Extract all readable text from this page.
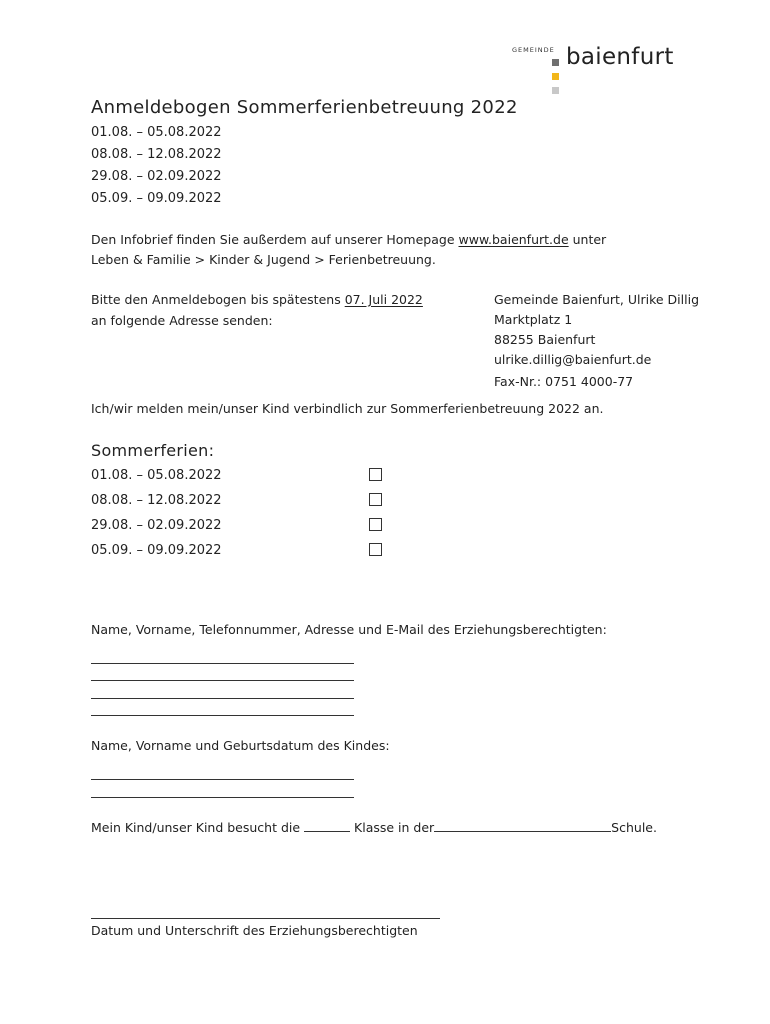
GEMEINDE baienfurt
Anmeldebogen Sommerferienbetreuung 2022
01.08. – 05.08.2022
08.08. – 12.08.2022
29.08. – 02.09.2022
05.09. – 09.09.2022
Den Infobrief finden Sie außerdem auf unserer Homepage www.baienfurt.de unter
Leben & Familie > Kinder & Jugend > Ferienbetreuung.
Bitte den Anmeldebogen bis spätestens 07. Juli 2022
an folgende Adresse senden:
Gemeinde Baienfurt, Ulrike Dillig
Marktplatz 1
88255 Baienfurt
ulrike.dillig@baienfurt.de
Fax-Nr.: 0751 4000-77
Ich/wir melden mein/unser Kind verbindlich zur Sommerferienbetreuung 2022 an.
Sommerferien:
01.08. – 05.08.2022
08.08. – 12.08.2022
29.08. – 02.09.2022
05.09. – 09.09.2022
Name, Vorname, Telefonnummer, Adresse und E-Mail des Erziehungsberechtigten:
Name, Vorname und Geburtsdatum des Kindes:
Mein Kind/unser Kind besucht die	Klasse in der	Schule.
Datum und Unterschrift des Erziehungsberechtigten
